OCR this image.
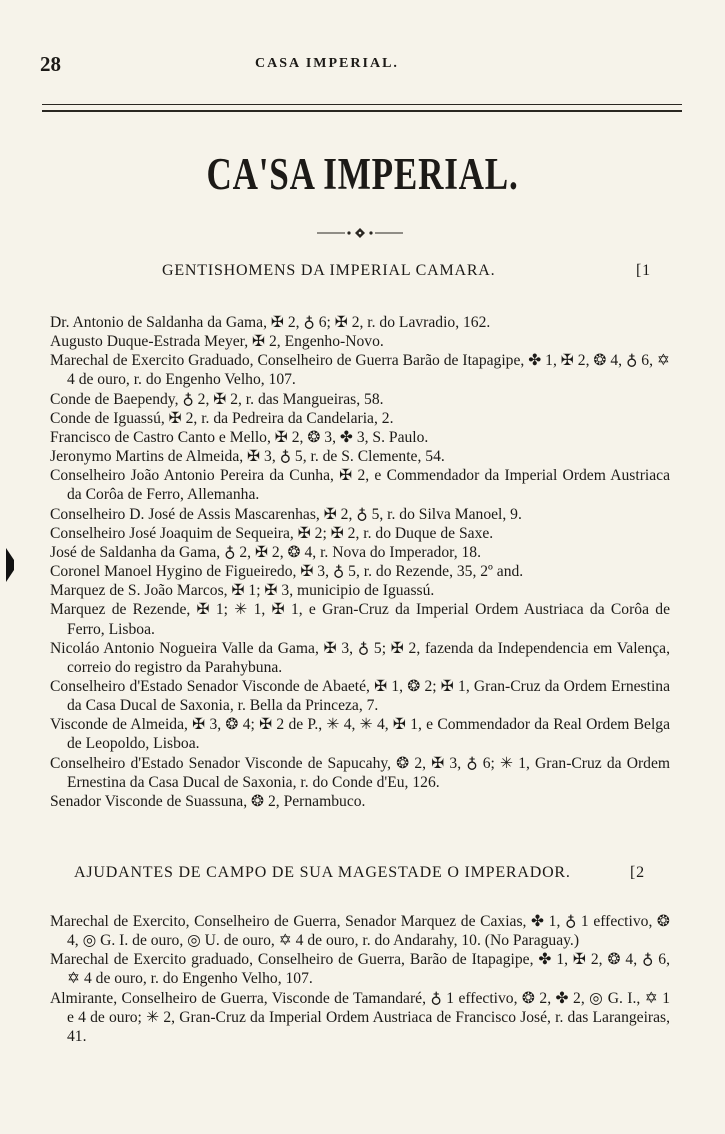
28	CASA IMPERIAL.
CA'SA IMPERIAL.
GENTISHOMENS DA IMPERIAL CAMARA.	[1

Dr. Antonio de Saldanha da Gama, ✠ 2, ♁ 6; ✠ 2, r. do Lavradio, 162.

Augusto Duque-Estrada Meyer, ✠ 2, Engenho-Novo.

Marechal de Exercito Graduado, Conselheiro de Guerra Barão de Itapagipe, ✤ 1, ✠ 2, ❂ 4, ♁ 6, ✡ 4 de ouro, r. do Engenho Velho, 107.

Conde de Baependy, ♁ 2, ✠ 2, r. das Mangueiras, 58.

Conde de Iguassú, ✠ 2, r. da Pedreira da Candelaria, 2.

Francisco de Castro Canto e Mello, ✠ 2, ❂ 3, ✤ 3, S. Paulo.

Jeronymo Martins de Almeida, ✠ 3, ♁ 5, r. de S. Clemente, 54.

Conselheiro João Antonio Pereira da Cunha, ✠ 2, e Commendador da Imperial Ordem Austriaca da Corôa de Ferro, Allemanha.

Conselheiro D. José de Assis Mascarenhas, ✠ 2, ♁ 5, r. do Silva Manoel, 9.

Conselheiro José Joaquim de Sequeira, ✠ 2; ✠ 2, r. do Duque de Saxe.

José de Saldanha da Gama, ♁ 2, ✠ 2, ❂ 4, r. Nova do Imperador, 18.

Coronel Manoel Hygino de Figueiredo, ✠ 3, ♁ 5, r. do Rezende, 35, 2º and.

Marquez de S. João Marcos, ✠ 1; ✠ 3, municipio de Iguassú.

Marquez de Rezende, ✠ 1; ✳ 1, ✠ 1, e Gran-Cruz da Imperial Ordem Austriaca da Corôa de Ferro, Lisboa.

Nicoláo Antonio Nogueira Valle da Gama, ✠ 3, ♁ 5; ✠ 2, fazenda da Independencia em Valença, correio do registro da Parahybuna.

Conselheiro d'Estado Senador Visconde de Abaeté, ✠ 1, ❂ 2; ✠ 1, Gran-Cruz da Ordem Ernestina da Casa Ducal de Saxonia, r. Bella da Princeza, 7.

Visconde de Almeida, ✠ 3, ❂ 4; ✠ 2 de P., ✳ 4, ✳ 4, ✠ 1, e Commendador da Real Ordem Belga de Leopoldo, Lisboa.

Conselheiro d'Estado Senador Visconde de Sapucahy, ❂ 2, ✠ 3, ♁ 6; ✳ 1, Gran-Cruz da Ordem Ernestina da Casa Ducal de Saxonia, r. do Conde d'Eu, 126.

Senador Visconde de Suassuna, ❂ 2, Pernambuco.

AJUDANTES DE CAMPO DE SUA MAGESTADE O IMPERADOR.	[2

Marechal de Exercito, Conselheiro de Guerra, Senador Marquez de Caxias, ✤ 1, ♁ 1 effectivo, ❂ 4, ◎ G. I. de ouro, ◎ U. de ouro, ✡ 4 de ouro, r. do Andarahy, 10. (No Paraguay.)

Marechal de Exercito graduado, Conselheiro de Guerra, Barão de Itapagipe, ✤ 1, ✠ 2, ❂ 4, ♁ 6, ✡ 4 de ouro, r. do Engenho Velho, 107.

Almirante, Conselheiro de Guerra, Visconde de Tamandaré, ♁ 1 effectivo, ❂ 2, ✤ 2, ◎ G. I., ✡ 1 e 4 de ouro; ✳ 2, Gran-Cruz da Imperial Ordem Austriaca de Francisco José, r. das Larangeiras, 41.
